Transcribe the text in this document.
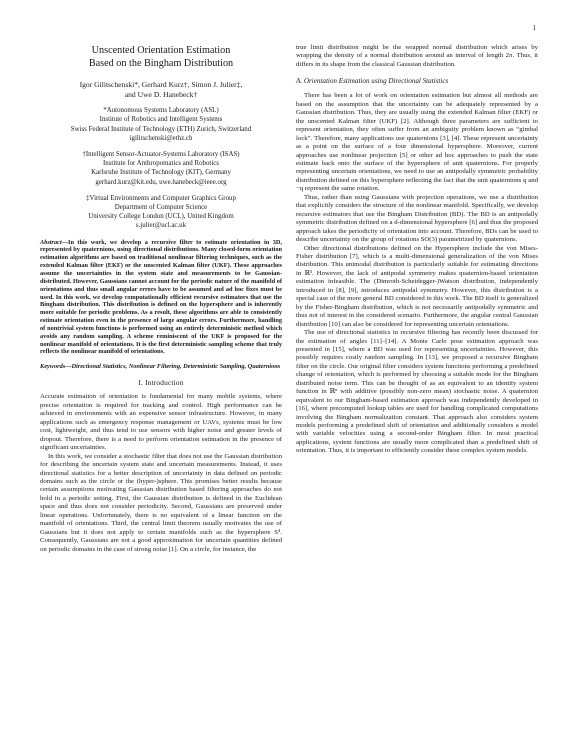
1
Unscented Orientation Estimation
Based on the Bingham Distribution
Igor Gilitschenski*, Gerhard Kurz†, Simon J. Julier‡,
and Uwe D. Hanebeck†
*Autonomous Systems Laboratory (ASL)
Institute of Robotics and Intelligent Systems
Swiss Federal Institute of Technology (ETH) Zurich, Switzerland
igilitschenski@ethz.ch
†Intelligent Sensor-Actuator-Systems Laboratory (ISAS)
Institute for Anthropomatics and Robotics
Karlsruhe Institute of Technology (KIT), Germany
gerhard.kurz@kit.edu, uwe.hanebeck@ieee.org
‡Virtual Environments and Computer Graphics Group
Department of Computer Science
University College London (UCL), United Kingdom
s.julier@ucl.ac.uk

Abstract—In this work, we develop a recursive filter to estimate orientation in 3D, represented by quaternions, using directional distributions. Many closed-form orientation estimation algorithms are based on traditional nonlinear filtering techniques, such as the extended Kalman filter (EKF) or the unscented Kalman filter (UKF). These approaches assume the uncertainties in the system state and measurements to be Gaussian-distributed. However, Gaussians cannot account for the periodic nature of the manifold of orientations and thus small angular errors have to be assumed and ad hoc fixes must be used. In this work, we develop computationally efficient recursive estimators that use the Bingham distribution. This distribution is defined on the hypersphere and is inherently more suitable for periodic problems. As a result, these algorithms are able to consistently estimate orientation even in the presence of large angular errors. Furthermore, handling of nontrivial system functions is performed using an entirely deterministic method which avoids any random sampling. A scheme reminiscent of the UKF is proposed for the nonlinear manifold of orientations. It is the first deterministic sampling scheme that truly reflects the nonlinear manifold of orientations.

Keywords—Directional Statistics, Nonlinear Filtering, Deterministic Sampling, Quaternions

I. Introduction

Accurate estimation of orientation is fundamental for many mobile systems, where precise orientation is required for tracking and control. High performance can be achieved in environments with an expensive sensor infrastructure. However, in many applications such as emergency response management or UAVs, systems must be low cost, lightweight, and thus tend to use sensors with higher noise and greater levels of dropout. Therefore, there is a need to perform orientation estimation in the presence of significant uncertainties.

In this work, we consider a stochastic filter that does not use the Gaussian distribution for describing the uncertain system state and uncertain measurements. Instead, it uses directional statistics for a better description of uncertainty in data defined on periodic domains such as the circle or the (hyper-)sphere. This promises better results because certain assumptions motivating Gaussian distribution based filtering approaches do not hold in a periodic setting. First, the Gaussian distribution is defined in the Euclidean space and thus does not consider periodicity. Second, Gaussians are preserved under linear operations. Unfortunately, there is no equivalent of a linear function on the manifold of orientations. Third, the central limit theorem usually motivates the use of Gaussians but it does not apply to certain manifolds such as the hypersphere S⁴. Consequently, Gaussians are not a good approximation for uncertain quantities defined on periodic domains in the case of strong noise [1]. On a circle, for instance, the

true limit distribution might be the wrapped normal distribution which arises by wrapping the density of a normal distribution around an interval of length 2π. Thus, it differs in its shape from the classical Gaussian distribution.

A. Orientation Estimation using Directional Statistics

There has been a lot of work on orientation estimation but almost all methods are based on the assumption that the uncertainty can be adequately represented by a Gaussian distribution. Thus, they are usually using the extended Kalman filter (EKF) or the unscented Kalman filter (UKF) [2]. Although three parameters are sufficient to represent orientation, they often suffer from an ambiguity problem known as “gimbal lock”. Therefore, many applications use quaternions [3], [4]. These represent uncertainty as a point on the surface of a four dimensional hypersphere. Moreover, current approaches use nonlinear projection [5] or other ad hoc approaches to push the state estimate back onto the surface of the hypersphere of unit quaternions. For properly representing uncertain orientations, we need to use an antipodally symmetric probability distribution defined on this hypersphere reflecting the fact that the unit quaternions q and −q represent the same rotation.

Thus, rather than using Gaussians with projection operations, we use a distribution that explicitly considers the structure of the nonlinear manifold. Specifically, we develop recursive estimators that use the Bingham Distribution (BD). The BD is an antipodally symmetric distribution defined on a d-dimensional hypersphere [6] and thus the proposed approach takes the periodicity of orientation into account. Therefore, BDs can be used to describe uncertainty on the group of rotations SO(3) parametrized by quaternions.

Other directional distributions defined on the Hypersphere include the von Mises-Fisher distribution [7], which is a multi-dimensional generalization of the von Mises distribution. This unimodal distribution is particularly suitable for estimating directions in ℝ³. However, the lack of antipodal symmetry makes quaternion-based orientation estimation infeasible. The (Dimroth-Scheidegger-)Watson distribution, independently introduced in [8], [9], introduces antipodal symmetry. However, this distribution is a special case of the more general BD considered in this work. The BD itself is generalized by the Fisher-Bingham distribution, which is not necessarily antipodally symmetric and thus not of interest in the considered scenario. Furthermore, the angular central Gaussian distribution [10] can also be considered for representing uncertain orientations.

The use of directional statistics in recursive filtering has recently been discussed for the estimation of angles [11]–[14]. A Monte Carlo pose estimation approach was presented in [15], where a BD was used for representing uncertainties. However, this possibly requires costly random sampling. In [13], we proposed a recursive Bingham filter on the circle. Our original filter considers system functions performing a predefined change of orientation, which is performed by choosing a suitable mode for the Bingham distributed noise term. This can be thought of as an equivalent to an identity system function in ℝⁿ with additive (possibly non-zero mean) stochastic noise. A quaternion equivalent to our Bingham-based estimation approach was independently developed in [16], where precomputed lookup tables are used for handling complicated computations involving the Bingham normalization constant. That approach also considers system models performing a predefined shift of orientation and additionally considers a model with variable velocities using a second-order Bingham filter. In most practical applications, system functions are usually more complicated than a predefined shift of orientation. Thus, it is important to efficiently consider these complex system models.
